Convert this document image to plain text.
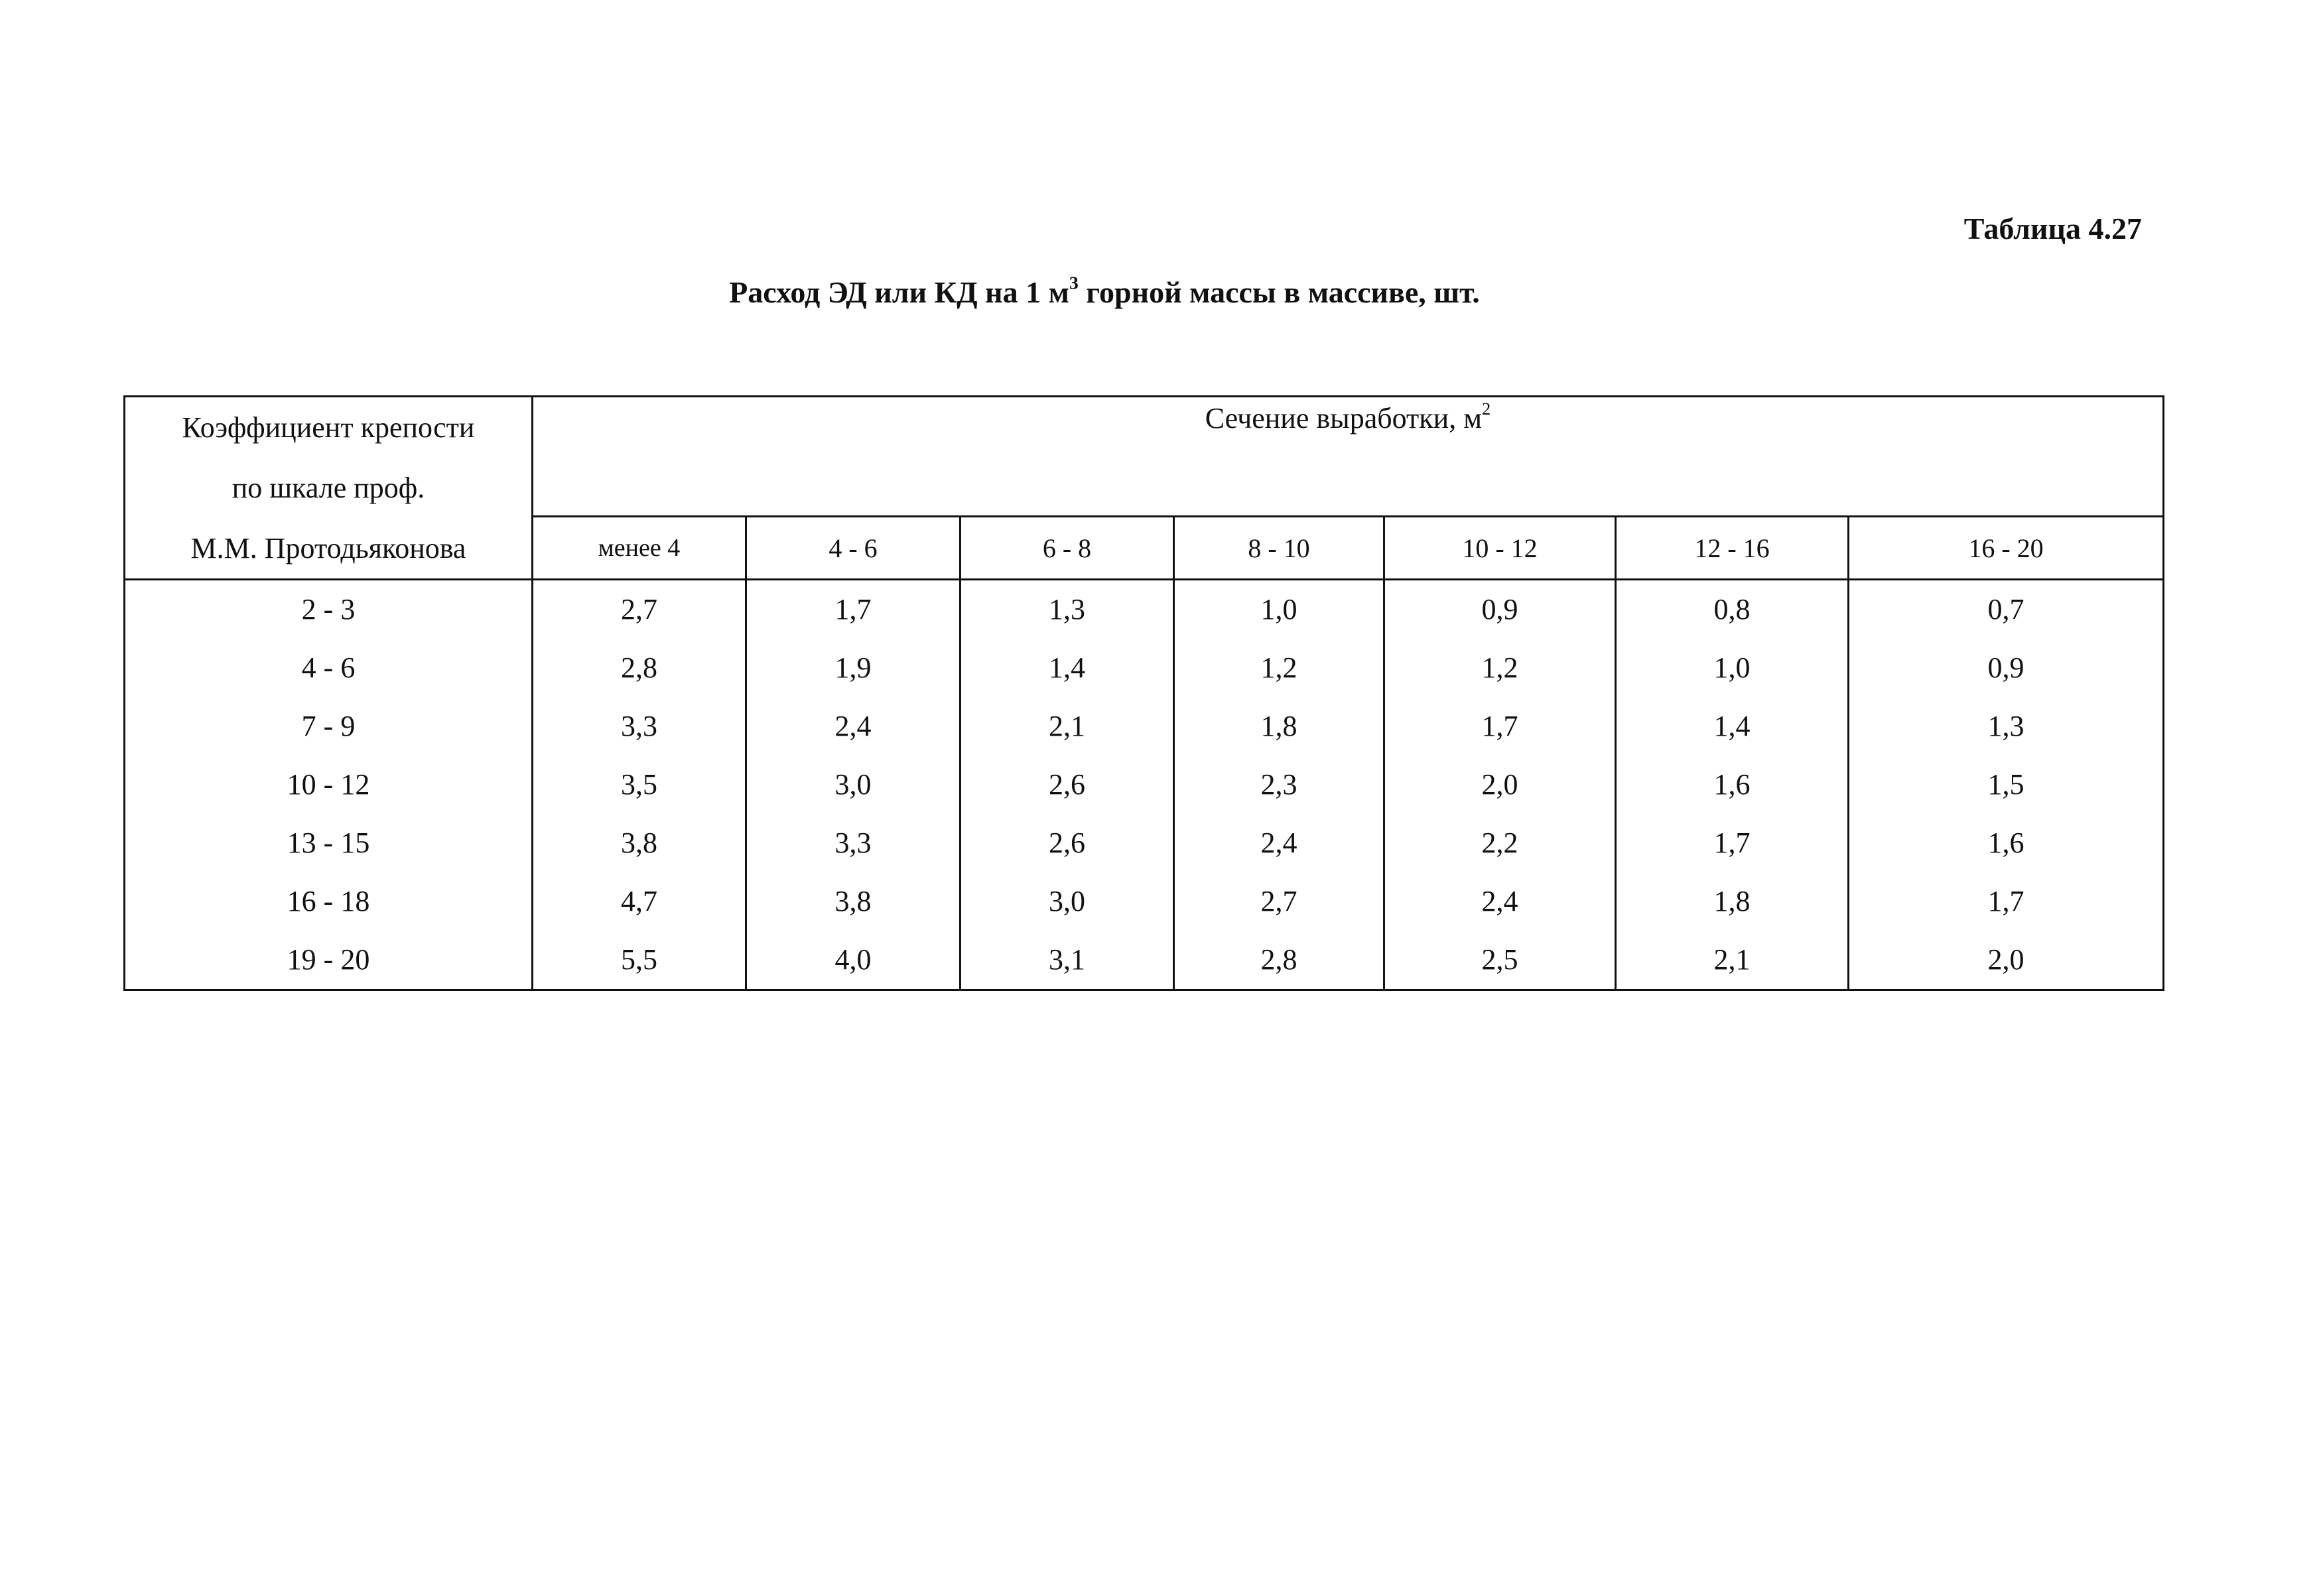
Таблица 4.27
Расход ЭД или КД на 1 $м^3$ горной массы в массиве, шт.
Коэффициент крепости
по шкале проф.
М.М. Протодьяконова	Сечение выработки, $м^2$
	менее 4	4 - 6	6 - 8	8 - 10	10 - 12	12 - 16	16 - 20
2 - 3	2,7	1,7	1,3	1,0	0,9	0,8	0,7
4 - 6	2,8	1,9	1,4	1,2	1,2	1,0	0,9
7 - 9	3,3	2,4	2,1	1,8	1,7	1,4	1,3
10 - 12	3,5	3,0	2,6	2,3	2,0	1,6	1,5
13 - 15	3,8	3,3	2,6	2,4	2,2	1,7	1,6
16 - 18	4,7	3,8	3,0	2,7	2,4	1,8	1,7
19 - 20	5,5	4,0	3,1	2,8	2,5	2,1	2,0
